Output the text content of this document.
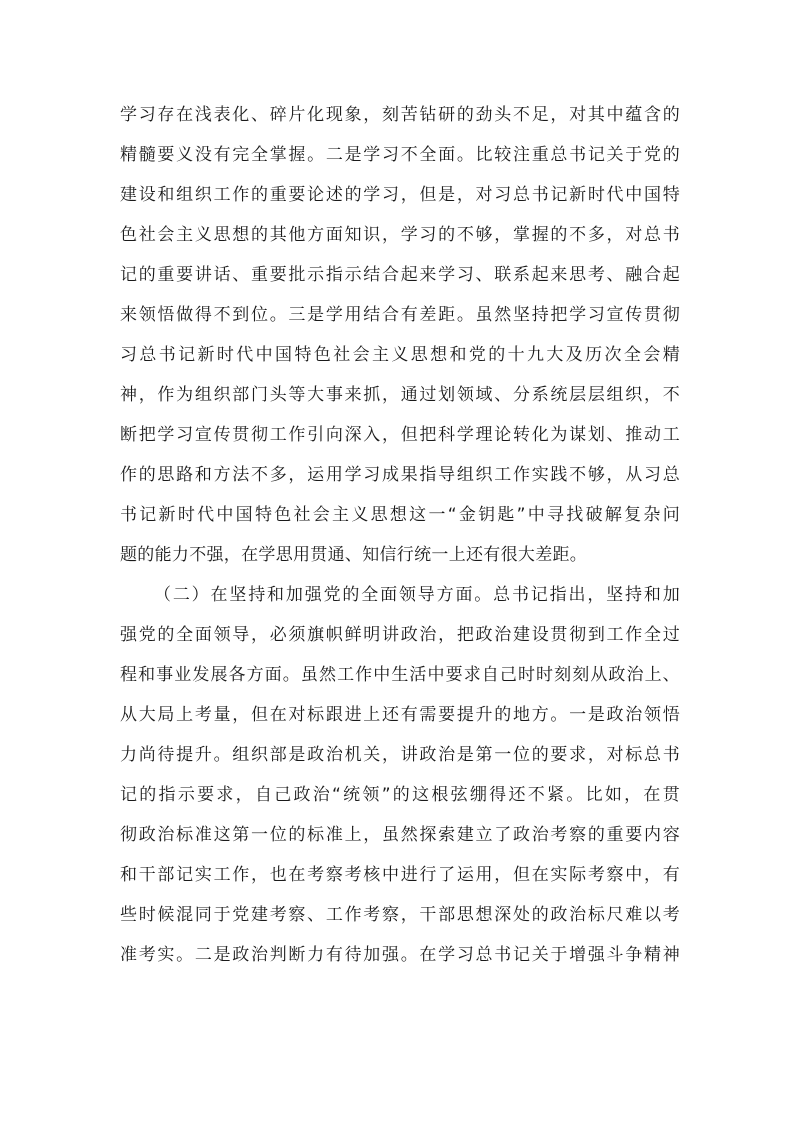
学习存在浅表化、碎片化现象，刻苦钻研的劲头不足，对其中蕴含的
精髓要义没有完全掌握。二是学习不全面。比较注重总书记关于党的
建设和组织工作的重要论述的学习，但是，对习总书记新时代中国特
色社会主义思想的其他方面知识，学习的不够，掌握的不多，对总书
记的重要讲话、重要批示指示结合起来学习、联系起来思考、融合起
来领悟做得不到位。三是学用结合有差距。虽然坚持把学习宣传贯彻
习总书记新时代中国特色社会主义思想和党的十九大及历次全会精
神，作为组织部门头等大事来抓，通过划领域、分系统层层组织，不
断把学习宣传贯彻工作引向深入，但把科学理论转化为谋划、推动工
作的思路和方法不多，运用学习成果指导组织工作实践不够，从习总
书记新时代中国特色社会主义思想这一“金钥匙”中寻找破解复杂问
题的能力不强，在学思用贯通、知信行统一上还有很大差距。
（二）在坚持和加强党的全面领导方面。总书记指出，坚持和加
强党的全面领导，必须旗帜鲜明讲政治，把政治建设贯彻到工作全过
程和事业发展各方面。虽然工作中生活中要求自己时时刻刻从政治上、
从大局上考量，但在对标跟进上还有需要提升的地方。一是政治领悟
力尚待提升。组织部是政治机关，讲政治是第一位的要求，对标总书
记的指示要求，自己政治“统领”的这根弦绷得还不紧。比如，在贯
彻政治标准这第一位的标准上，虽然探索建立了政治考察的重要内容
和干部记实工作，也在考察考核中进行了运用，但在实际考察中，有
些时候混同于党建考察、工作考察，干部思想深处的政治标尺难以考
准考实。二是政治判断力有待加强。在学习总书记关于增强斗争精神
